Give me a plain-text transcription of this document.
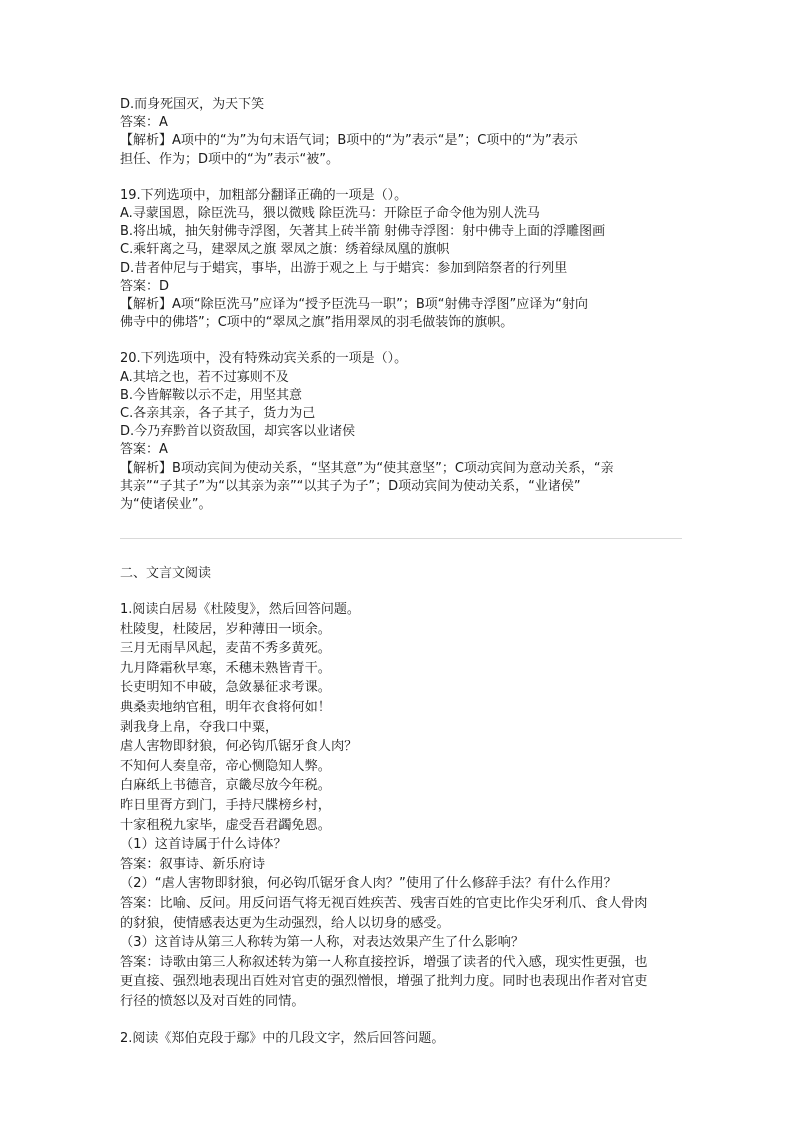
D.而身死国灭，为天下笑
答案：A
【解析】A项中的“为”为句末语气词；B项中的“为”表示“是”；C项中的“为”表示
担任、作为；D项中的“为”表示“被”。
19.下列选项中，加粗部分翻译正确的一项是（）。
A.寻蒙国恩，除臣洗马，猥以微贱 除臣洗马：开除臣子命令他为别人洗马
B.将出城，抽矢射佛寺浮图，矢著其上砖半箭 射佛寺浮图：射中佛寺上面的浮雕图画
C.乘轩离之马，建翠凤之旗 翠凤之旗：绣着绿凤凰的旗帜
D.昔者仲尼与于蜡宾，事毕，出游于观之上 与于蜡宾：参加到陪祭者的行列里
答案：D
【解析】A项“除臣洗马”应译为“授予臣洗马一职”；B项“射佛寺浮图”应译为“射向
佛寺中的佛塔”；C项中的“翠凤之旗”指用翠凤的羽毛做装饰的旗帜。
20.下列选项中，没有特殊动宾关系的一项是（）。
A.其培之也，若不过寡则不及
B.今皆解鞍以示不走，用坚其意
C.各亲其亲，各子其子，货力为己
D.今乃弃黔首以资敌国，却宾客以业诸侯
答案：A
【解析】B项动宾间为使动关系，“坚其意”为“使其意坚”；C项动宾间为意动关系，“亲
其亲”“子其子”为“以其亲为亲”“以其子为子”；D项动宾间为使动关系，“业诸侯”
为“使诸侯业”。
二、文言文阅读
1.阅读白居易《杜陵叟》，然后回答问题。
杜陵叟，杜陵居，岁种薄田一顷余。
三月无雨旱风起，麦苗不秀多黄死。
九月降霜秋早寒，禾穗未熟皆青干。
长吏明知不申破，急敛暴征求考课。
典桑卖地纳官租，明年衣食将何如！
剥我身上帛，夺我口中粟，
虐人害物即豺狼，何必钩爪锯牙食人肉？
不知何人奏皇帝，帝心恻隐知人弊。
白麻纸上书德音，京畿尽放今年税。
昨日里胥方到门，手持尺牒榜乡村，
十家租税九家毕，虚受吾君蠲免恩。
（1）这首诗属于什么诗体？
答案：叙事诗、新乐府诗
（2）“虐人害物即豺狼，何必钩爪锯牙食人肉？”使用了什么修辞手法？有什么作用？
答案：比喻、反问。用反问语气将无视百姓疾苦、残害百姓的官吏比作尖牙利爪、食人骨肉
的豺狼，使情感表达更为生动强烈，给人以切身的感受。
（3）这首诗从第三人称转为第一人称，对表达效果产生了什么影响？
答案：诗歌由第三人称叙述转为第一人称直接控诉，增强了读者的代入感，现实性更强，也
更直接、强烈地表现出百姓对官吏的强烈憎恨，增强了批判力度。同时也表现出作者对官吏
行径的愤怒以及对百姓的同情。
2.阅读《郑伯克段于鄢》中的几段文字，然后回答问题。
